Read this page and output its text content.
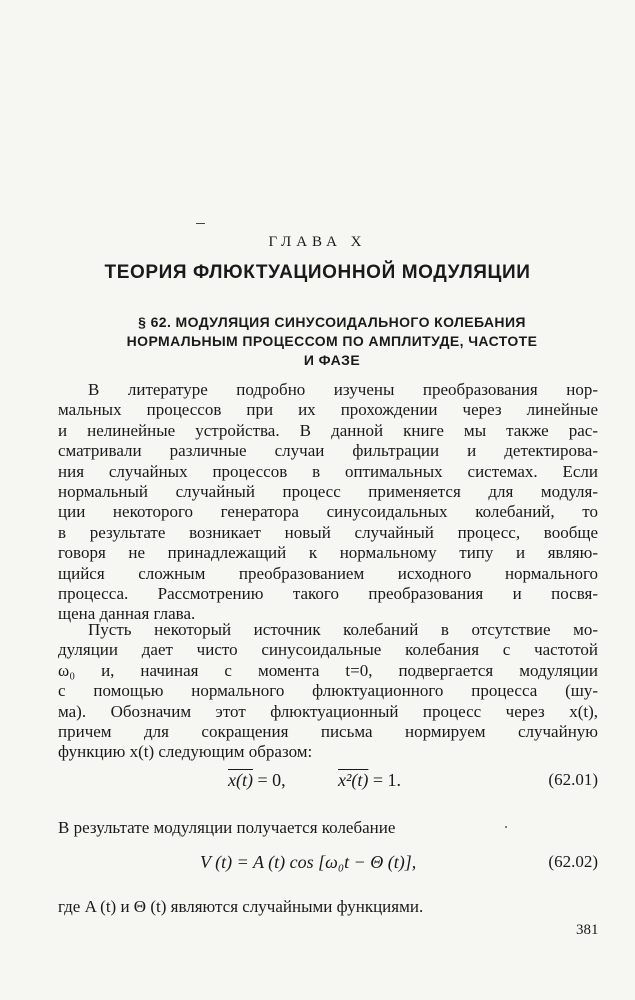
ГЛАВА X
ТЕОРИЯ ФЛЮКТУАЦИОННОЙ МОДУЛЯЦИИ
§ 62. МОДУЛЯЦИЯ СИНУСОИДАЛЬНОГО КОЛЕБАНИЯ
НОРМАЛЬНЫМ ПРОЦЕССОМ ПО АМПЛИТУДЕ, ЧАСТОТЕ
И ФАЗЕ
В литературе подробно изучены преобразования нор-
мальных процессов при их прохождении через линейные
и нелинейные устройства. В данной книге мы также рас-
сматривали различные случаи фильтрации и детектирова-
ния случайных процессов в оптимальных системах. Если
нормальный случайный процесс применяется для модуля-
ции некоторого генератора синусоидальных колебаний, то
в результате возникает новый случайный процесс, вообще
говоря не принадлежащий к нормальному типу и являю-
щийся сложным преобразованием исходного нормального
процесса. Рассмотрению такого преобразования и посвя-
щена данная глава.
Пусть некоторый источник колебаний в отсутствие мо-
дуляции дает чисто синусоидальные колебания с частотой
ω₀ и, начиная с момента t=0, подвергается модуляции
с помощью нормального флюктуационного процесса (шу-
ма). Обозначим этот флюктуационный процесс через x(t),
причем для сокращения письма нормируем случайную
функцию x(t) следующим образом:
x(t) = 0,	x²(t) = 1.	(62.01)
В результате модуляции получается колебание
V (t) = A (t) cos [ω₀t − Θ (t)],	(62.02)
где A (t) и Θ (t) являются случайными функциями.
381
